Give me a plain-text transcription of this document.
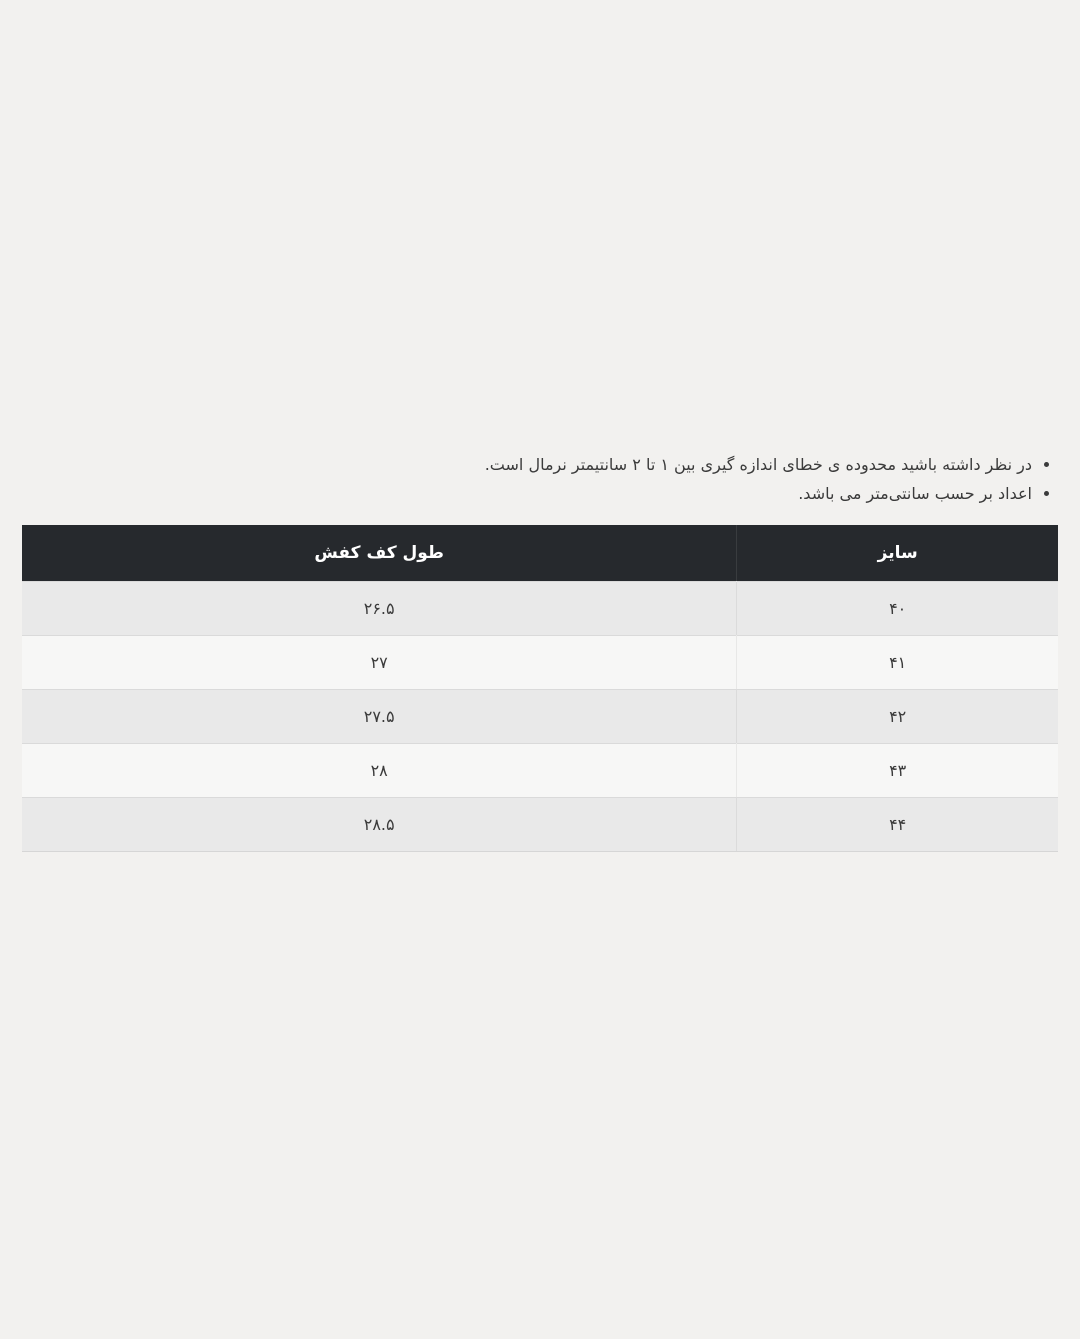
• در نظر داشته باشید محدوده ی خطای اندازه گیری بین ۱ تا ۲ سانتیمتر نرمال است.
• اعداد بر حسب سانتی‌متر می باشد.
سایز	طول کف کفش
۴۰	۲۶.۵
۴۱	۲۷
۴۲	۲۷.۵
۴۳	۲۸
۴۴	۲۸.۵
